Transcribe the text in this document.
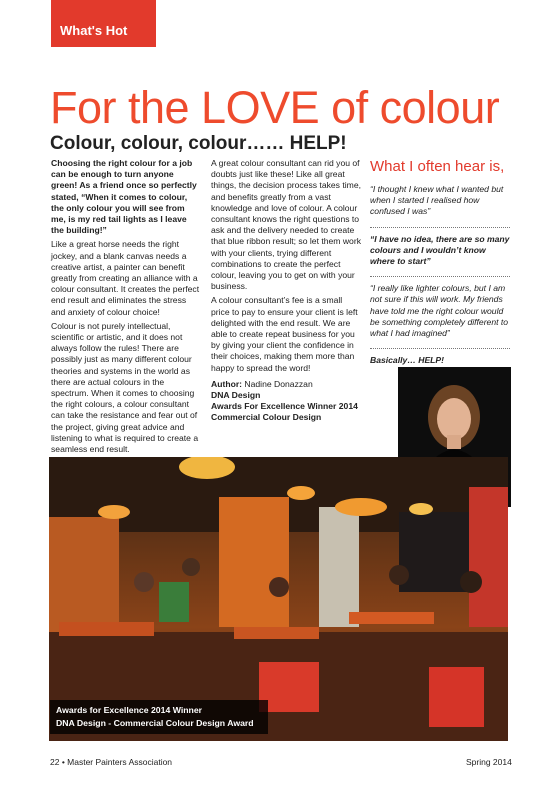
What's Hot
For the LOVE of colour
Colour, colour, colour…… HELP!

Choosing the right colour for a job can be enough to turn anyone green! As a friend once so perfectly stated, “When it comes to colour, the only colour you will see from me, is my red tail lights as I leave the building!”

Like a great horse needs the right jockey, and a blank canvas needs a creative artist, a painter can benefit greatly from creating an alliance with a colour consultant. It creates the perfect end result and eliminates the stress and anxiety of colour choice!

Colour is not purely intellectual, scientific or artistic, and it does not always follow the rules! There are possibly just as many different colour theories and systems in the world as there are actual colours in the spectrum. When it comes to choosing the right colours, a colour consultant can take the resistance and fear out of the project, giving great advice and listening to what is required to create a seamless end result.

A great colour consultant can rid you of doubts just like these! Like all great things, the decision process takes time, and benefits greatly from a vast knowledge and love of colour. A colour consultant knows the right questions to ask and the delivery needed to create that blue ribbon result; so let them work with your clients, trying different combinations to create the perfect colour, leaving you to get on with your business.

A colour consultant’s fee is a small price to pay to ensure your client is left delighted with the end result. We are able to create repeat business for you by giving your client the confidence in their choices, making them more than happy to spread the word!

Author: Nadine Donazzan
DNA Design
Awards For Excellence Winner 2014
Commercial Colour Design
What I often hear is,

“I thought I knew what I wanted but when I started I realised how confused I was”

“I have no idea, there are so many colours and I wouldn’t know where to start”

“I really like lighter colours, but I am not sure if this will work. My friends have told me the right colour would be something completely different to what I had imagined”

Basically… HELP!

Awards for Excellence 2014 Winner
DNA Design - Commercial Colour Design Award
22 • Master Painters Association	Spring 2014
